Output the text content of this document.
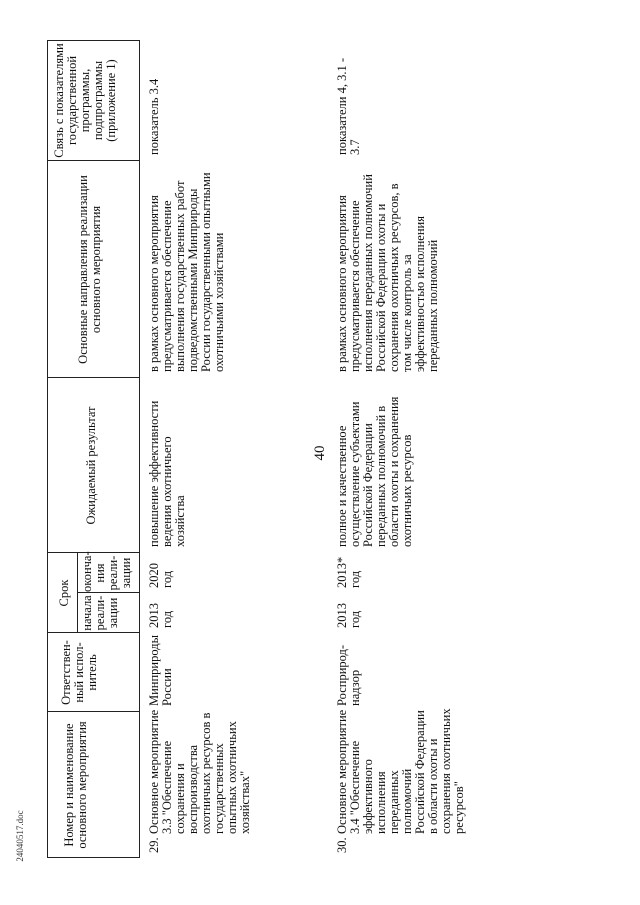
40
Номер и наименование основного мероприятия
Ответствен-ный испол-нитель
Срок
начала реали-зации
оконча-ния реали-зации
Ожидаемый результат
Основные направления реализации основного мероприятия
Связь с показателями государственной программы, подпрограммы (приложение 1)
29.
Основное мероприятие 3.3 "Обеспечение сохранения и воспроизводства охотничьих ресурсов в государственных опытных охотничьих хозяйствах"
Минприроды России
2013 год
2020 год
повышение эффективности ведения охотничьего хозяйства
в рамках основного мероприятия предусматривается обеспечение выполнения государственных работ подведомственными Минприроды России государственными опытными охотничьими хозяйствами
показатель 3.4
30.
Основное мероприятие 3.4 "Обеспечение эффективного исполнения переданных полномочий Российской Федерации в области охоты и сохранения охотничьих ресурсов"
Росприрод-надзор
2013 год
2013* год
полное и качественное осуществление субъектами Российской Федерации переданных полномочий в области охоты и сохранения охотничьих ресурсов
в рамках основного мероприятия предусматривается обеспечение исполнения переданных полномочий Российской Федерации охоты и сохранения охотничьих ресурсов, в том числе контроль за эффективностью исполнения переданных полномочий
показатели 4, 3.1 - 3.7
24040517.doc
